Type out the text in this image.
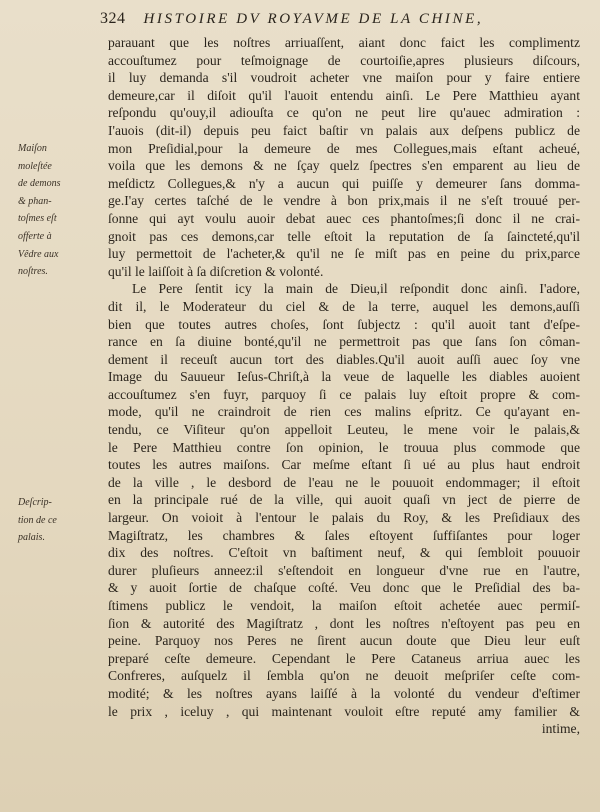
324 HISTOIRE DV ROYAVME DE LA CHINE,
Maiſon
moleſtée
de demons
& phan-
toſmes eſt
offerte à
Vêdre aux
noſtres.
Deſcrip-
tion de ce
palais.
parauant que les noſtres arriuaſſent, aiant donc faict les complimentz
accouſtumez pour teſmoignage de courtoiſie,apres plusieurs diſcours,
il luy demanda s'il voudroit acheter vne maiſon pour y faire entiere
demeure,car il diſoit qu'il l'auoit entendu ainſi. Le Pere Matthieu ayant
reſpondu qu'ouy,il adiouſta ce qu'on ne peut lire qu'auec admiration :
I'auois (dit-il) depuis peu faict baſtir vn palais aux deſpens publicz de
mon Preſidial,pour la demeure de mes Collegues,mais eſtant acheué,
voila que les demons & ne ſçay quelz ſpectres s'en emparent au lieu de
meſdictz Collegues,& n'y a aucun qui puiſſe y demeurer ſans domma-
ge.I'ay certes taſché de le vendre à bon prix,mais il ne s'eſt trouué per-
ſonne qui ayt voulu auoir debat auec ces phantoſmes;ſi donc il ne crai-
gnoit pas ces demons,car telle eſtoit la reputation de ſa ſaincteté,qu'il
luy permettoit de l'acheter,& qu'il ne ſe miſt pas en peine du prix,parce
qu'il le laiſſoit à ſa diſcretion & volonté.
Le Pere ſentit icy la main de Dieu,il reſpondit donc ainſi. I'adore,
dit il, le Moderateur du ciel & de la terre, auquel les demons,auſſi
bien que toutes autres choſes, ſont ſubjectz : qu'il auoit tant d'eſpe-
rance en ſa diuine bonté,qu'il ne permettroit pas que ſans ſon côman-
dement il receuſt aucun tort des diables.Qu'il auoit auſſi auec ſoy vne
Image du Sauueur Ieſus-Chriſt,à la veue de laquelle les diables auoient
accouſtumez s'en fuyr, parquoy ſi ce palais luy eſtoit propre & com-
mode, qu'il ne craindroit de rien ces malins eſpritz. Ce qu'ayant en-
tendu, ce Viſiteur qu'on appelloit Leuteu, le mene voir le palais,&
le Pere Matthieu contre ſon opinion, le trouua plus commode que
toutes les autres maiſons. Car meſme eſtant ſi ué au plus haut endroit
de la ville , le desbord de l'eau ne le pouuoit endommager; il eſtoit
en la principale rué de la ville, qui auoit quaſi vn ject de pierre de
largeur. On voioit à l'entour le palais du Roy, & les Preſidiaux des
Magiſtratz, les chambres & ſales eſtoyent ſuffiſantes pour loger
dix des noſtres. C'eſtoit vn baſtiment neuf, & qui ſembloit pouuoir
durer pluſieurs anneez:il s'eſtendoit en longueur d'vne rue en l'autre,
& y auoit ſortie de chaſque coſté. Veu donc que le Preſidial des ba-
ſtimens publicz le vendoit, la maiſon eſtoit achetée auec permiſ-
ſion & autorité des Magiſtratz , dont les noſtres n'eſtoyent pas peu en
peine. Parquoy nos Peres ne ſirent aucun doute que Dieu leur euſt
preparé ceſte demeure. Cependant le Pere Cataneus arriua auec les
Confreres, auſquelz il ſembla qu'on ne deuoit meſpriſer ceſte com-
modité; & les noſtres ayans laiſſé à la volonté du vendeur d'eſtimer
le prix , iceluy , qui maintenant vouloit eſtre reputé amy familier &
intime,
